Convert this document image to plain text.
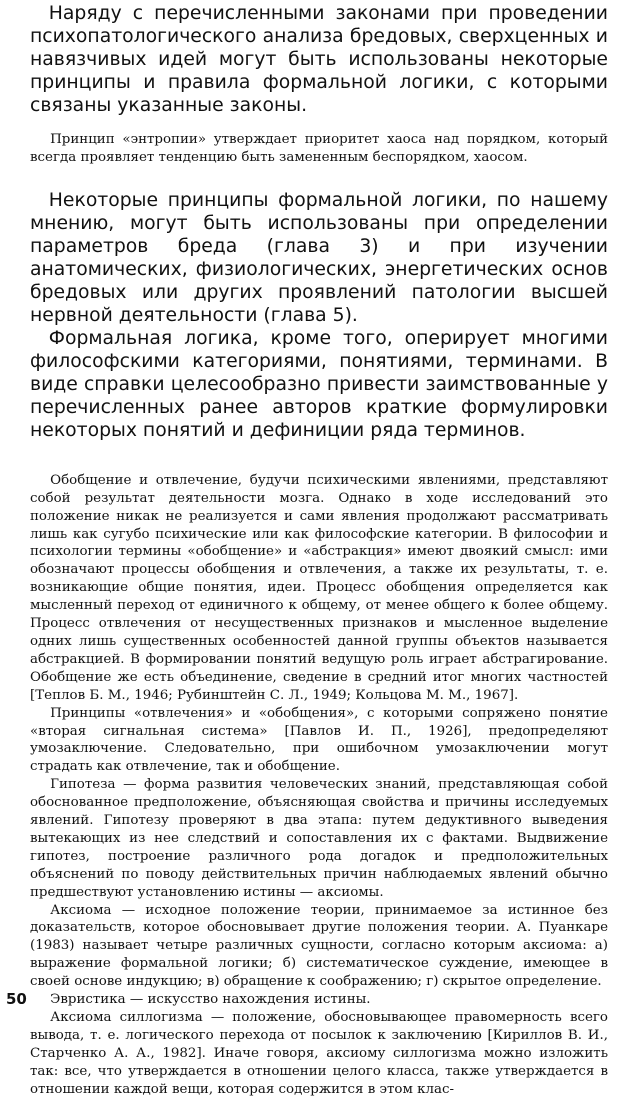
Наряду с перечисленными законами при проведении психопатологического анализа бредовых, сверхценных и навязчивых идей могут быть использованы некоторые принципы и правила формальной логики, с которыми связаны указанные законы.

Принцип «энтропии» утверждает приоритет хаоса над порядком, который всегда проявляет тенденцию быть замененным беспорядком, хаосом.

Некоторые принципы формальной логики, по нашему мнению, могут быть использованы при определении параметров бреда (глава 3) и при изучении анатомических, физиологических, энергетических основ бредовых или других проявлений патологии высшей нервной деятельности (глава 5).

Формальная логика, кроме того, оперирует многими философскими категориями, понятиями, терминами. В виде справки целесообразно привести заимствованные у перечисленных ранее авторов краткие формулировки некоторых понятий и дефиниции ряда терминов.

Обобщение и отвлечение, будучи психическими явлениями, представляют собой результат деятельности мозга. Однако в ходе исследований это положение никак не реализуется и сами явления продолжают рассматривать лишь как сугубо психические или как философские категории. В философии и психологии термины «обобщение» и «абстракция» имеют двоякий смысл: ими обозначают процессы обобщения и отвлечения, а также их результаты, т. е. возникающие общие понятия, идеи. Процесс обобщения определяется как мысленный переход от единичного к общему, от менее общего к более общему. Процесс отвлечения от несущественных признаков и мысленное выделение одних лишь существенных особенностей данной группы объектов называется абстракцией. В формировании понятий ведущую роль играет абстрагирование. Обобщение же есть объединение, сведение в средний итог многих частностей [Теплов Б. М., 1946; Рубинштейн С. Л., 1949; Кольцова М. М., 1967].

Принципы «отвлечения» и «обобщения», с которыми сопряжено понятие «вторая сигнальная система» [Павлов И. П., 1926], предопределяют умозаключение. Следовательно, при ошибочном умозаключении могут страдать как отвлечение, так и обобщение.

Гипотеза — форма развития человеческих знаний, представляющая собой обоснованное предположение, объясняющая свойства и причины исследуемых явлений. Гипотезу проверяют в два этапа: путем дедуктивного выведения вытекающих из нее следствий и сопоставления их с фактами. Выдвижение гипотез, построение различного рода догадок и предположительных объяснений по поводу действительных причин наблюдаемых явлений обычно предшествуют установлению истины — аксиомы.

Аксиома — исходное положение теории, принимаемое за истинное без доказательств, которое обосновывает другие положения теории. А. Пуанкаре (1983) называет четыре различных сущности, согласно которым аксиома: а) выражение формальной логики; б) систематическое суждение, имеющее в своей основе индукцию; в) обращение к соображению; г) скрытое определение.

Эвристика — искусство нахождения истины.

Аксиома силлогизма — положение, обосновывающее правомерность всего вывода, т. е. логического перехода от посылок к заключению [Кириллов В. И., Старченко А. А., 1982]. Иначе говоря, аксиому силлогизма можно изложить так: все, что утверждается в отношении целого класса, также утверждается в отношении каждой вещи, которая содержится в этом клас-

50
